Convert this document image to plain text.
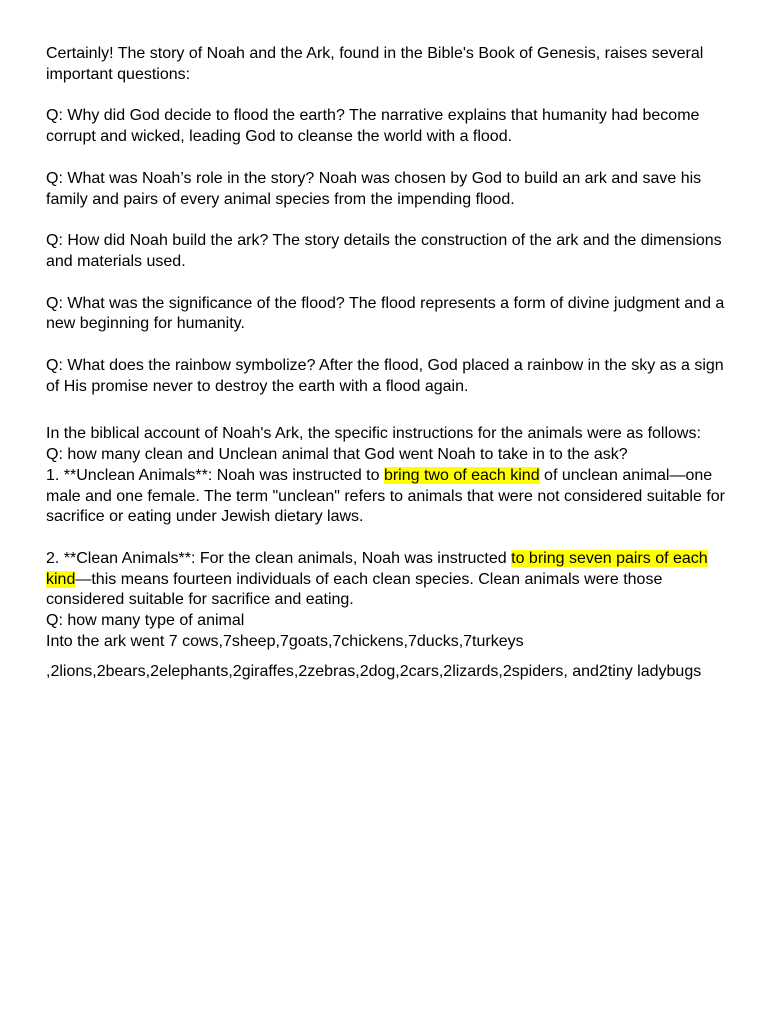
Certainly! The story of Noah and the Ark, found in the Bible's Book of Genesis, raises several important questions:

Q: Why did God decide to flood the earth? The narrative explains that humanity had become corrupt and wicked, leading God to cleanse the world with a flood.

Q: What was Noah’s role in the story? Noah was chosen by God to build an ark and save his family and pairs of every animal species from the impending flood.

Q: How did Noah build the ark? The story details the construction of the ark and the dimensions and materials used.

Q: What was the significance of the flood? The flood represents a form of divine judgment and a new beginning for humanity.

Q: What does the rainbow symbolize? After the flood, God placed a rainbow in the sky as a sign of His promise never to destroy the earth with a flood again.

In the biblical account of Noah's Ark, the specific instructions for the animals were as follows:

Q: how many clean and Unclean animal that God went Noah to take in to the ask?

1. **Unclean Animals**: Noah was instructed to bring two of each kind of unclean animal—one male and one female. The term "unclean" refers to animals that were not considered suitable for sacrifice or eating under Jewish dietary laws.

2. **Clean Animals**: For the clean animals, Noah was instructed to bring seven pairs of each kind—this means fourteen individuals of each clean species. Clean animals were those considered suitable for sacrifice and eating.

Q: how many type of animal

Into the ark went 7 cows,7sheep,7goats,7chickens,7ducks,7turkeys

,2lions,2bears,2elephants,2giraffes,2zebras,2dog,2cars,2lizards,2spiders, and2tiny ladybugs
